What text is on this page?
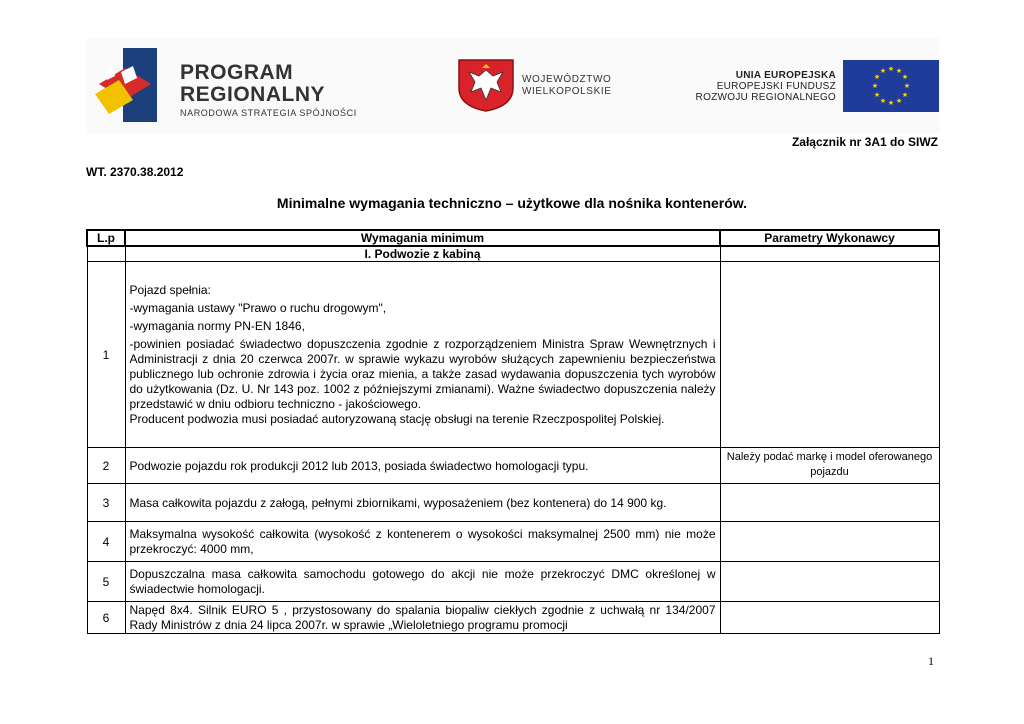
PROGRAM
REGIONALNY
NARODOWA STRATEGIA SPÓJNOŚCI
WOJEWÓDZTWO
WIELKOPOLSKIE
UNIA EUROPEJSKA
EUROPEJSKI FUNDUSZ
ROZWOJU REGIONALNEGO
★ ★
★
★
★
★
★
★
★
★
★
★
Załącznik nr 3A1 do SIWZ
WT. 2370.38.2012
Minimalne wymagania techniczno – użytkowe dla nośnika kontenerów.
L.p	Wymagania minimum	Parametry Wykonawcy
	I. Podwozie z kabiną	
1	Pojazd spełnia:

-wymagania ustawy "Prawo o ruchu drogowym",

-wymagania normy PN-EN 1846,

-powinien posiadać świadectwo dopuszczenia zgodnie z rozporządzeniem Ministra Spraw Wewnętrznych i Administracji z dnia 20 czerwca 2007r. w sprawie wykazu wyrobów służących zapewnieniu bezpieczeństwa publicznego lub ochronie zdrowia i życia oraz mienia, a także zasad wydawania dopuszczenia tych wyrobów do użytkowania (Dz. U. Nr 143 poz. 1002 z późniejszymi zmianami). Ważne świadectwo dopuszczenia należy przedstawić w dniu odbioru techniczno - jakościowego.

Producent podwozia musi posiadać autoryzowaną stację obsługi na terenie Rzeczpospolitej Polskiej.	

2	Podwozie pojazdu rok produkcji 2012 lub 2013, posiada świadectwo homologacji typu.	Należy podać markę i model oferowanego pojazdu
3	Masa całkowita pojazdu z załogą, pełnymi zbiornikami, wyposażeniem (bez kontenera) do 14 900 kg.	
4	Maksymalna wysokość całkowita (wysokość z kontenerem o wysokości maksymalnej 2500 mm) nie może przekroczyć: 4000 mm,	
5	Dopuszczalna masa całkowita samochodu gotowego do akcji nie może przekroczyć DMC określonej w świadectwie homologacji.	
6	Napęd 8x4. Silnik EURO 5 , przystosowany do spalania biopaliw ciekłych zgodnie z uchwałą nr 134/2007 Rady Ministrów z dnia 24 lipca 2007r. w sprawie „Wieloletniego programu promocji	
1
